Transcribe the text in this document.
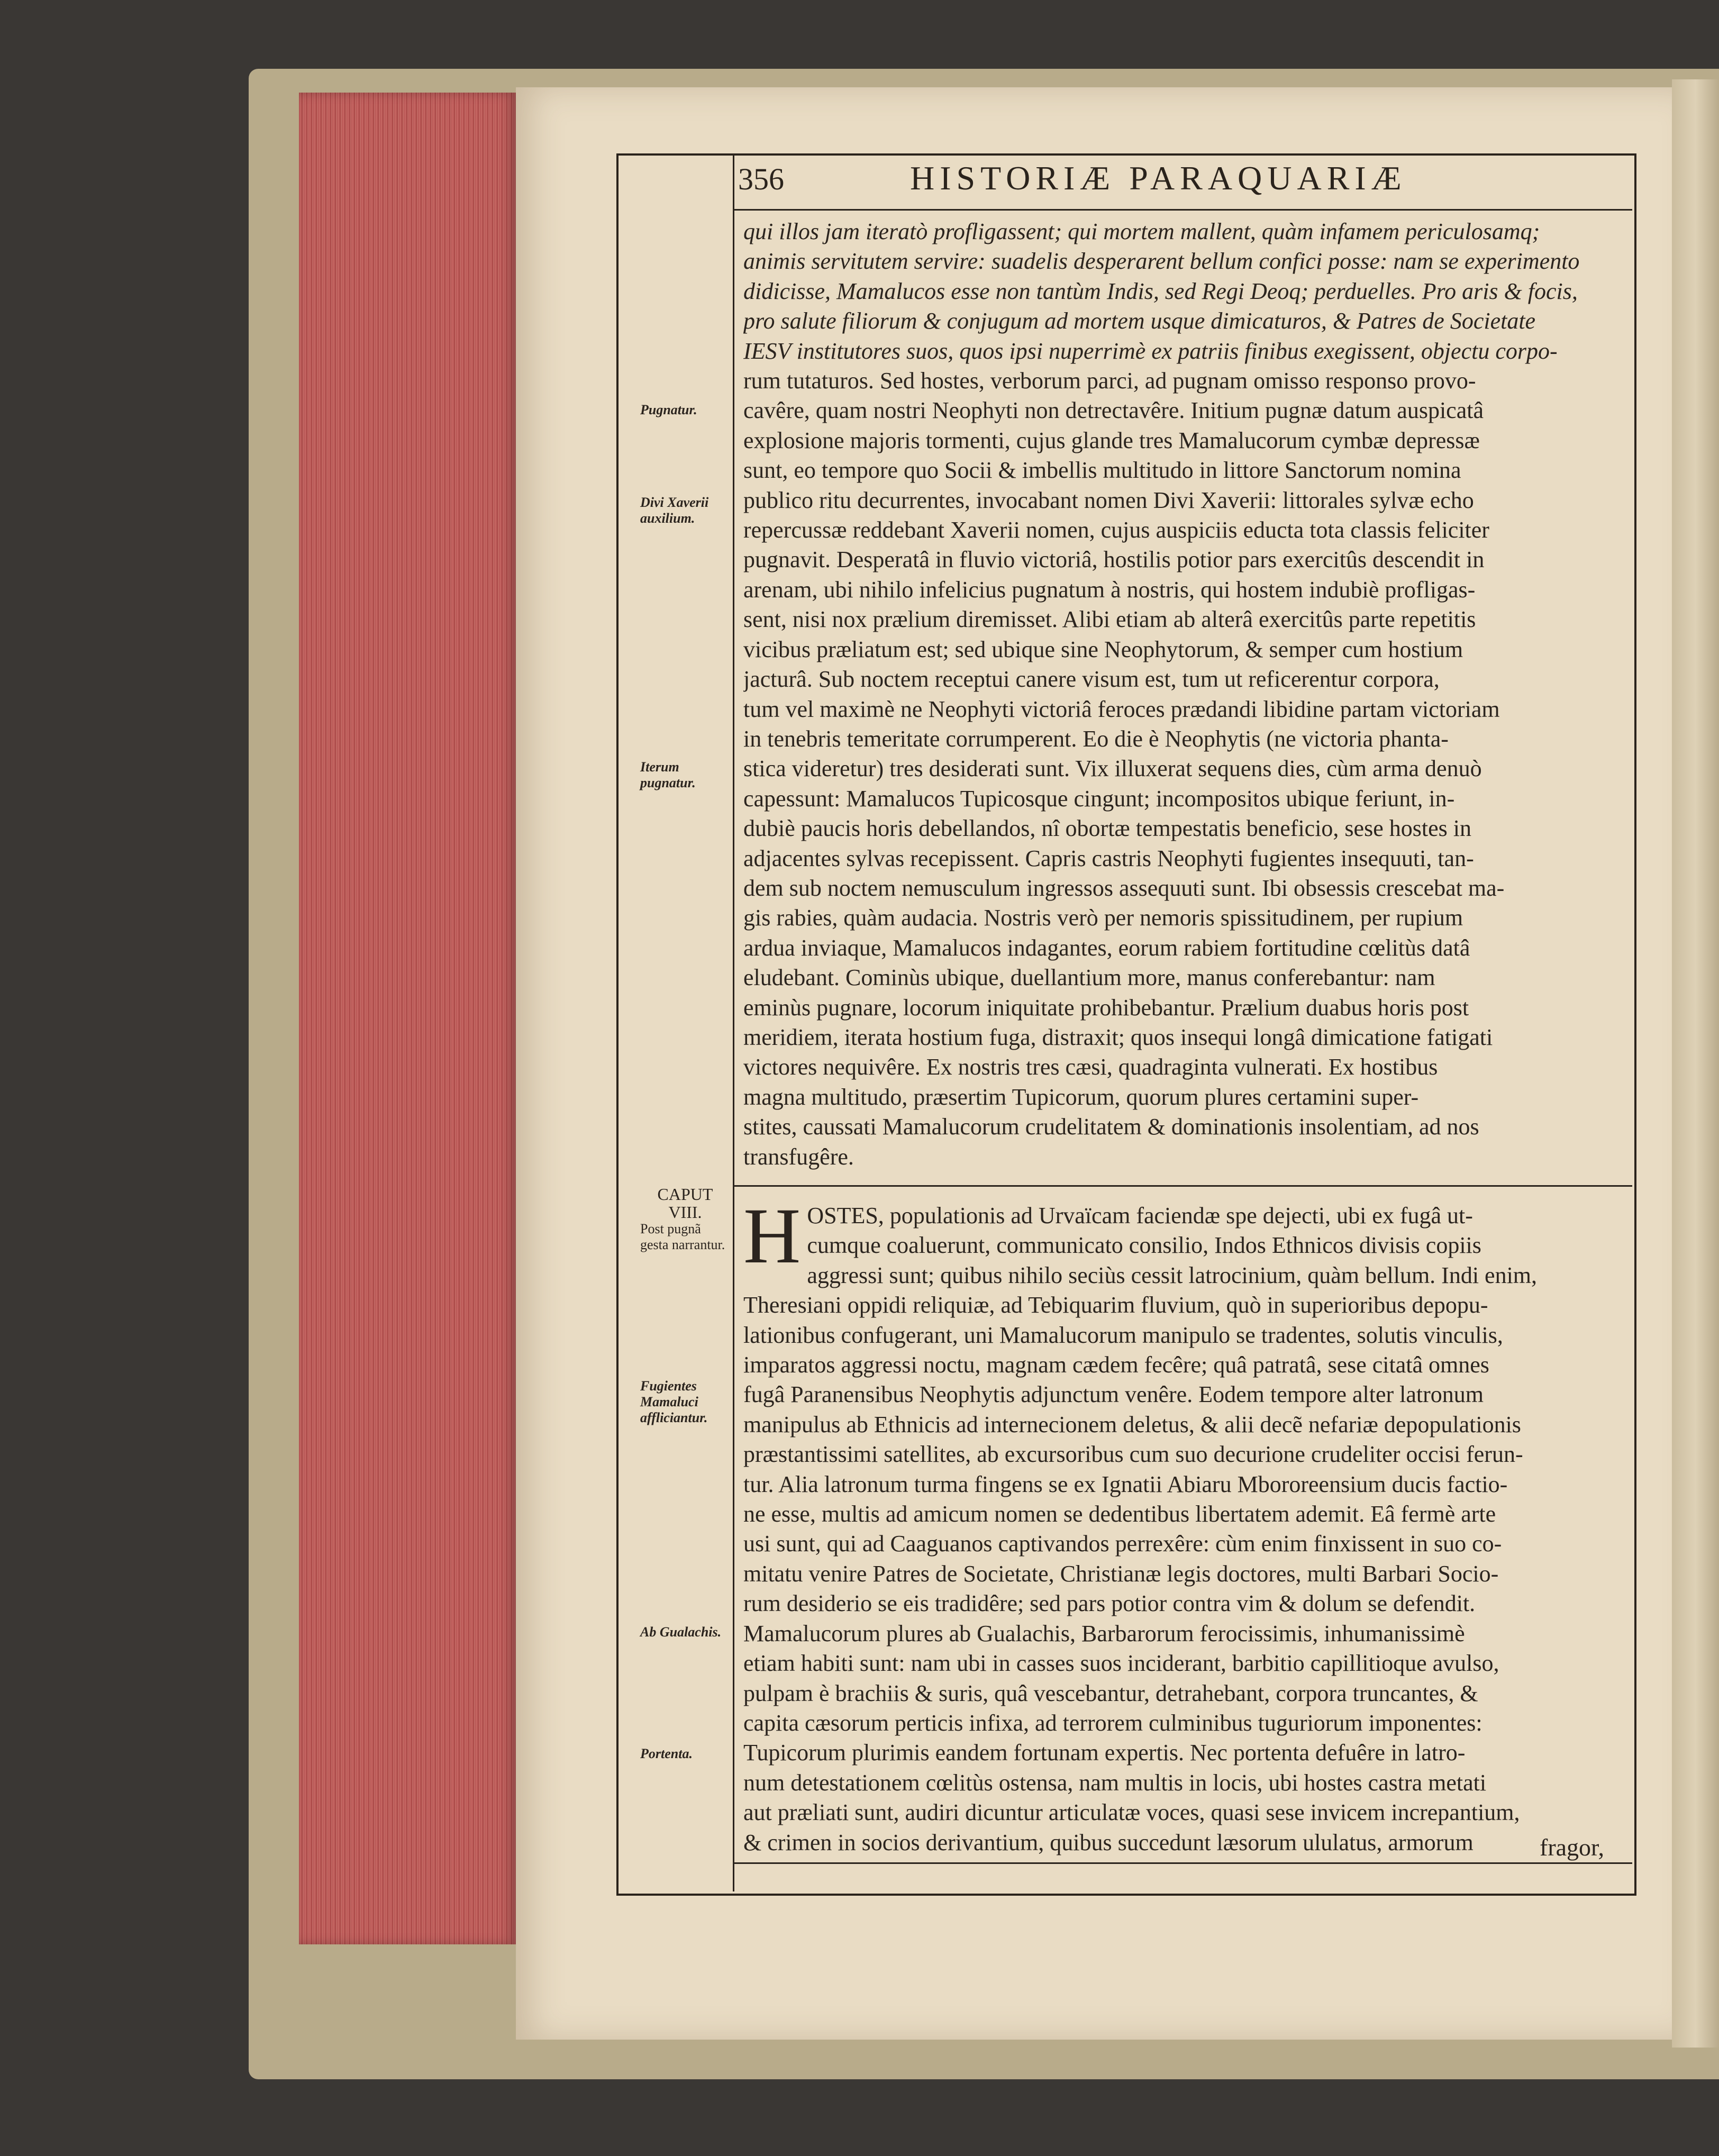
356	HISTORIÆ PARAQUARIÆ
Pugnatur.
Divi Xaverii auxilium.
Iterum pugnatur.
Fugientes Mamaluci affliciantur.
Ab Gualachis.
Portenta.
CAPUT
VIII.
Post pugnã gesta narrantur.
qui illos jam iteratò profligassent; qui mortem mallent, quàm infamem periculosamq;
animis servitutem servire: suadelis desperarent bellum confici posse: nam se experimento
didicisse, Mamalucos esse non tantùm Indis, sed Regi Deoq; perduelles. Pro aris & focis,
pro salute filiorum & conjugum ad mortem usque dimicaturos, & Patres de Societate
IESV institutores suos, quos ipsi nuperrimè ex patriis finibus exegissent, objectu corpo-
rum tutaturos. Sed hostes, verborum parci, ad pugnam omisso responso provo-
cavêre, quam nostri Neophyti non detrectavêre. Initium pugnæ datum auspicatâ
explosione majoris tormenti, cujus glande tres Mamalucorum cymbæ depressæ
sunt, eo tempore quo Socii & imbellis multitudo in littore Sanctorum nomina
publico ritu decurrentes, invocabant nomen Divi Xaverii: littorales sylvæ echo
repercussæ reddebant Xaverii nomen, cujus auspiciis educta tota classis feliciter
pugnavit. Desperatâ in fluvio victoriâ, hostilis potior pars exercitûs descendit in
arenam, ubi nihilo infelicius pugnatum à nostris, qui hostem indubiè profligas-
sent, nisi nox prælium diremisset. Alibi etiam ab alterâ exercitûs parte repetitis
vicibus præliatum est; sed ubique sine Neophytorum, & semper cum hostium
jacturâ. Sub noctem receptui canere visum est, tum ut reficerentur corpora,
tum vel maximè ne Neophyti victoriâ feroces prædandi libidine partam victoriam
in tenebris temeritate corrumperent. Eo die è Neophytis (ne victoria phanta-
stica videretur) tres desiderati sunt. Vix illuxerat sequens dies, cùm arma denuò
capessunt: Mamalucos Tupicosque cingunt; incompositos ubique feriunt, in-
dubiè paucis horis debellandos, nî obortæ tempestatis beneficio, sese hostes in
adjacentes sylvas recepissent. Capris castris Neophyti fugientes insequuti, tan-
dem sub noctem nemusculum ingressos assequuti sunt. Ibi obsessis crescebat ma-
gis rabies, quàm audacia. Nostris verò per nemoris spissitudinem, per rupium
ardua inviaque, Mamalucos indagantes, eorum rabiem fortitudine cœlitùs datâ
eludebant. Cominùs ubique, duellantium more, manus conferebantur: nam
eminùs pugnare, locorum iniquitate prohibebantur. Prælium duabus horis post
meridiem, iterata hostium fuga, distraxit; quos insequi longâ dimicatione fatigati
victores nequivêre. Ex nostris tres cæsi, quadraginta vulnerati. Ex hostibus
magna multitudo, præsertim Tupicorum, quorum plures certamini super-
stites, caussati Mamalucorum crudelitatem & dominationis insolentiam, ad nos
transfugêre.
H OSTES, populationis ad Urvaïcam faciendæ spe dejecti, ubi ex fugâ ut-
cumque coaluerunt, communicato consilio, Indos Ethnicos divisis copiis
aggressi sunt; quibus nihilo seciùs cessit latrocinium, quàm bellum. Indi enim,
Theresiani oppidi reliquiæ, ad Tebiquarim fluvium, quò in superioribus depopu-
lationibus confugerant, uni Mamalucorum manipulo se tradentes, solutis vinculis,
imparatos aggressi noctu, magnam cædem fecêre; quâ patratâ, sese citatâ omnes
fugâ Paranensibus Neophytis adjunctum venêre. Eodem tempore alter latronum
manipulus ab Ethnicis ad internecionem deletus, & alii decẽ nefariæ depopulationis
præstantissimi satellites, ab excursoribus cum suo decurione crudeliter occisi ferun-
tur. Alia latronum turma fingens se ex Ignatii Abiaru Mbororeensium ducis factio-
ne esse, multis ad amicum nomen se dedentibus libertatem ademit. Eâ fermè arte
usi sunt, qui ad Caaguanos captivandos perrexêre: cùm enim finxissent in suo co-
mitatu venire Patres de Societate, Christianæ legis doctores, multi Barbari Socio-
rum desiderio se eis tradidêre; sed pars potior contra vim & dolum se defendit.
Mamalucorum plures ab Gualachis, Barbarorum ferocissimis, inhumanissimè
etiam habiti sunt: nam ubi in casses suos inciderant, barbitio capillitioque avulso,
pulpam è brachiis & suris, quâ vescebantur, detrahebant, corpora truncantes, &
capita cæsorum perticis infixa, ad terrorem culminibus tuguriorum imponentes:
Tupicorum plurimis eandem fortunam expertis. Nec portenta defuêre in latro-
num detestationem cœlitùs ostensa, nam multis in locis, ubi hostes castra metati
aut præliati sunt, audiri dicuntur articulatæ voces, quasi sese invicem increpantium,
& crimen in socios derivantium, quibus succedunt læsorum ululatus, armorum	fragor,
